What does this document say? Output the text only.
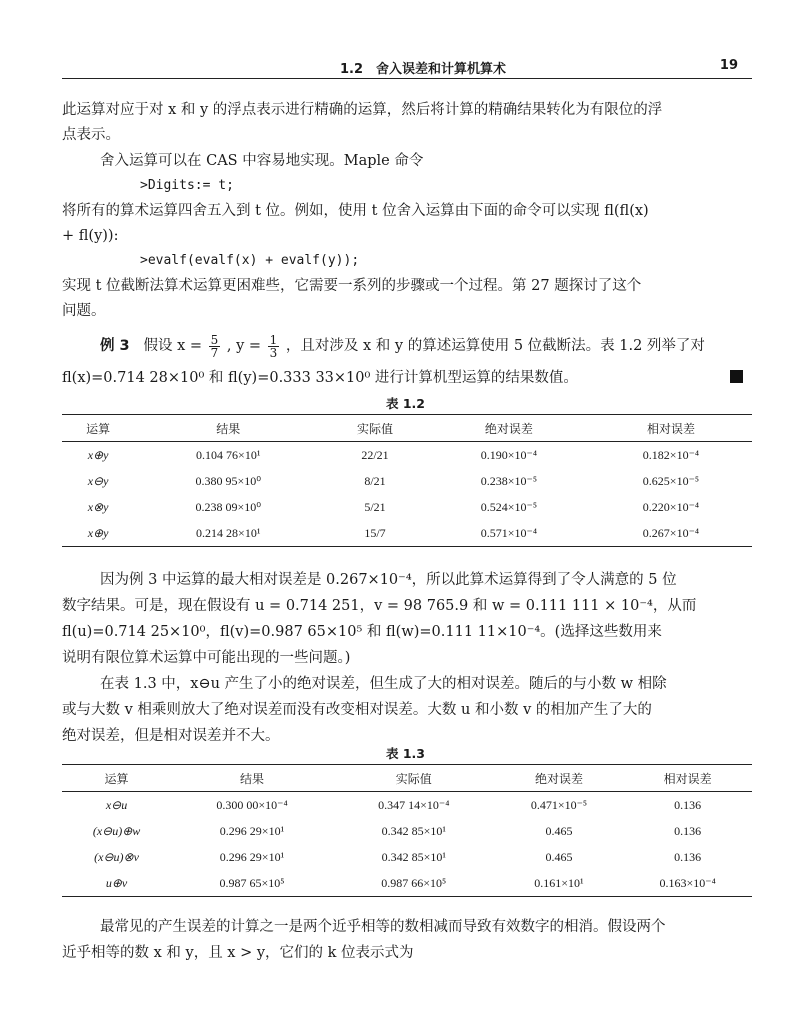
1.2　舍入误差和计算机算术	19
此运算对应于对 x 和 y 的浮点表示进行精确的运算，然后将计算的精确结果转化为有限位的浮
点表示。
舍入运算可以在 CAS 中容易地实现。Maple 命令
>Digits:= t;
将所有的算术运算四舍五入到 t 位。例如，使用 t 位舍入运算由下面的命令可以实现 fl(fl(x)
+ fl(y)):
>evalf(evalf(x) + evalf(y));
实现 t 位截断法算术运算更困难些，它需要一系列的步骤或一个过程。第 27 题探讨了这个
问题。
例 3 假设 $x = \frac{5}{7}$ , $y = \frac{1}{3}$ ，且对涉及 x 和 y 的算述运算使用 5 位截断法。表 1.2 列举了对
fl(x)=0.714 28×10⁰ 和 fl(y)=0.333 33×10⁰ 进行计算机型运算的结果数值。
表 1.2
运算	结果	实际值	绝对误差	相对误差
x⊕y	0.104 76×10¹	22/21	0.190×10⁻⁴	0.182×10⁻⁴
x⊖y	0.380 95×10⁰	8/21	0.238×10⁻⁵	0.625×10⁻⁵
x⊗y	0.238 09×10⁰	5/21	0.524×10⁻⁵	0.220×10⁻⁴
x⊕y	0.214 28×10¹	15/7	0.571×10⁻⁴	0.267×10⁻⁴
因为例 3 中运算的最大相对误差是 0.267×10⁻⁴，所以此算术运算得到了令人满意的 5 位
数字结果。可是，现在假设有 u = 0.714 251，v = 98 765.9 和 w = 0.111 111 × 10⁻⁴，从而
fl(u)=0.714 25×10⁰，fl(v)=0.987 65×10⁵ 和 fl(w)=0.111 11×10⁻⁴。(选择这些数用来
说明有限位算术运算中可能出现的一些问题。)
在表 1.3 中，x⊖u 产生了小的绝对误差，但生成了大的相对误差。随后的与小数 w 相除
或与大数 v 相乘则放大了绝对误差而没有改变相对误差。大数 u 和小数 v 的相加产生了大的
绝对误差，但是相对误差并不大。
表 1.3
运算	结果	实际值	绝对误差	相对误差
x⊖u	0.300 00×10⁻⁴	0.347 14×10⁻⁴	0.471×10⁻⁵	0.136
(x⊖u)⊕w	0.296 29×10¹	0.342 85×10¹	0.465	0.136
(x⊖u)⊗v	0.296 29×10¹	0.342 85×10¹	0.465	0.136
u⊕v	0.987 65×10⁵	0.987 66×10⁵	0.161×10¹	0.163×10⁻⁴
最常见的产生误差的计算之一是两个近乎相等的数相减而导致有效数字的相消。假设两个
近乎相等的数 x 和 y，且 x > y，它们的 k 位表示式为
